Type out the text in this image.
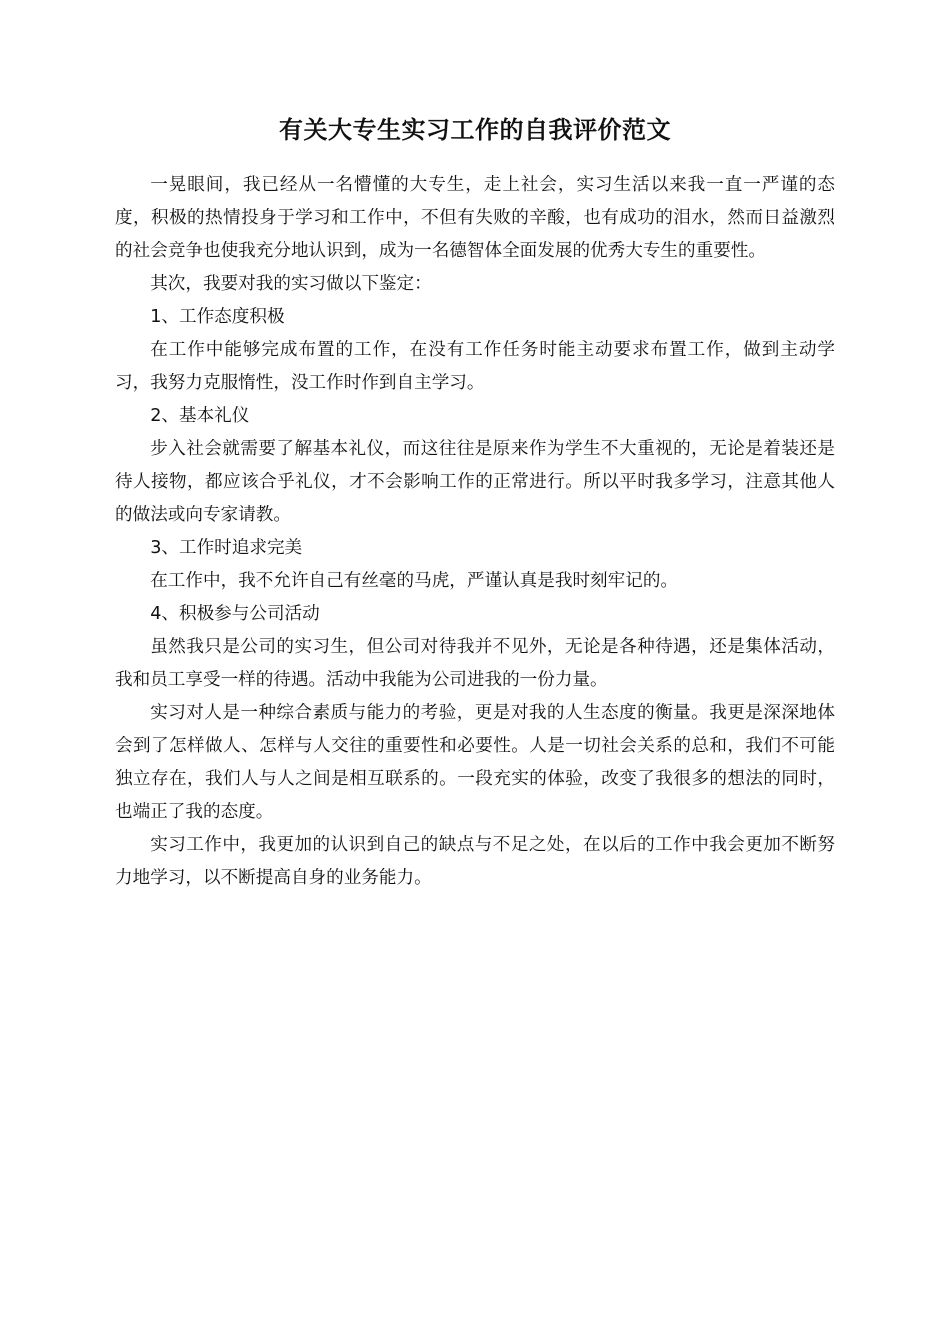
有关大专生实习工作的自我评价范文

一晃眼间，我已经从一名懵懂的大专生，走上社会，实习生活以来我一直一严谨的态度，积极的热情投身于学习和工作中，不但有失败的辛酸，也有成功的泪水，然而日益激烈的社会竞争也使我充分地认识到，成为一名德智体全面发展的优秀大专生的重要性。

其次，我要对我的实习做以下鉴定：

1、工作态度积极

在工作中能够完成布置的工作，在没有工作任务时能主动要求布置工作，做到主动学习，我努力克服惰性，没工作时作到自主学习。

2、基本礼仪

步入社会就需要了解基本礼仪，而这往往是原来作为学生不大重视的，无论是着装还是待人接物，都应该合乎礼仪，才不会影响工作的正常进行。所以平时我多学习，注意其他人的做法或向专家请教。

3、工作时追求完美

在工作中，我不允许自己有丝毫的马虎，严谨认真是我时刻牢记的。

4、积极参与公司活动

虽然我只是公司的实习生，但公司对待我并不见外，无论是各种待遇，还是集体活动，我和员工享受一样的待遇。活动中我能为公司进我的一份力量。

实习对人是一种综合素质与能力的考验，更是对我的人生态度的衡量。我更是深深地体会到了怎样做人、怎样与人交往的重要性和必要性。人是一切社会关系的总和，我们不可能独立存在，我们人与人之间是相互联系的。一段充实的体验，改变了我很多的想法的同时，也端正了我的态度。

实习工作中，我更加的认识到自己的缺点与不足之处，在以后的工作中我会更加不断努力地学习，以不断提高自身的业务能力。
